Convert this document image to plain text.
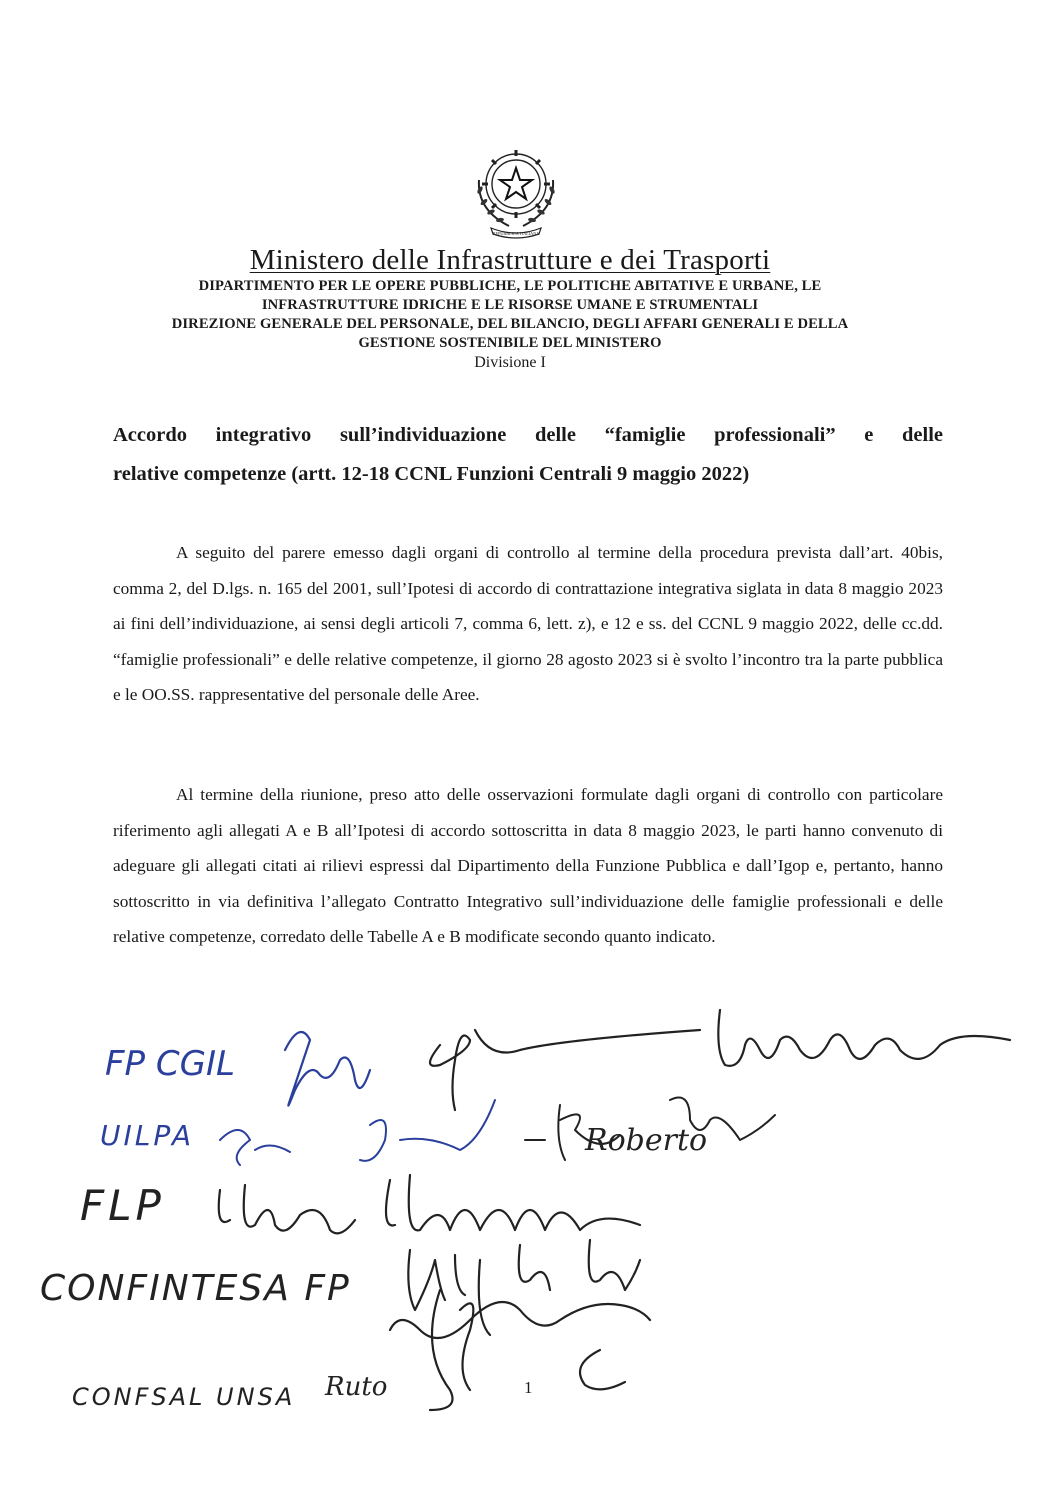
REPUBBLICA ITALIANA

Ministero delle Infrastrutture e dei Trasporti

DIPARTIMENTO PER LE OPERE PUBBLICHE, LE POLITICHE ABITATIVE E URBANE, LE

INFRASTRUTTURE IDRICHE E LE RISORSE UMANE E STRUMENTALI

DIREZIONE GENERALE DEL PERSONALE, DEL BILANCIO, DEGLI AFFARI GENERALI E DELLA

GESTIONE SOSTENIBILE DEL MINISTERO

Divisione I

Accordo integrativo sull’individuazione delle “famiglie professionali” e delle
relative competenze (artt. 12-18 CCNL Funzioni Centrali 9 maggio 2022)

A seguito del parere emesso dagli organi di controllo al termine della procedura prevista dall’art. 40bis, comma 2, del D.lgs. n. 165 del 2001, sull’Ipotesi di accordo di contrattazione integrativa siglata in data 8 maggio 2023 ai fini dell’individuazione, ai sensi degli articoli 7, comma 6, lett. z), e 12 e ss. del CCNL 9 maggio 2022, delle cc.dd. “famiglie professionali” e delle relative competenze, il giorno 28 agosto 2023 si è svolto l’incontro tra la parte pubblica e le OO.SS. rappresentative del personale delle Aree.

Al termine della riunione, preso atto delle osservazioni formulate dagli organi di controllo con particolare riferimento agli allegati A e B all’Ipotesi di accordo sottoscritta in data 8 maggio 2023, le parti hanno convenuto di adeguare gli allegati citati ai rilievi espressi dal Dipartimento della Funzione Pubblica e dall’Igop e, pertanto, hanno sottoscritto in via definitiva l’allegato Contratto Integrativo sull’individuazione delle famiglie professionali e delle relative competenze, corredato delle Tabelle A e B modificate secondo quanto indicato.

FP CGIL
UILPA	Roberto
FLP
CONFINTESA FP
CONFSAL UNSA Ruto	1
